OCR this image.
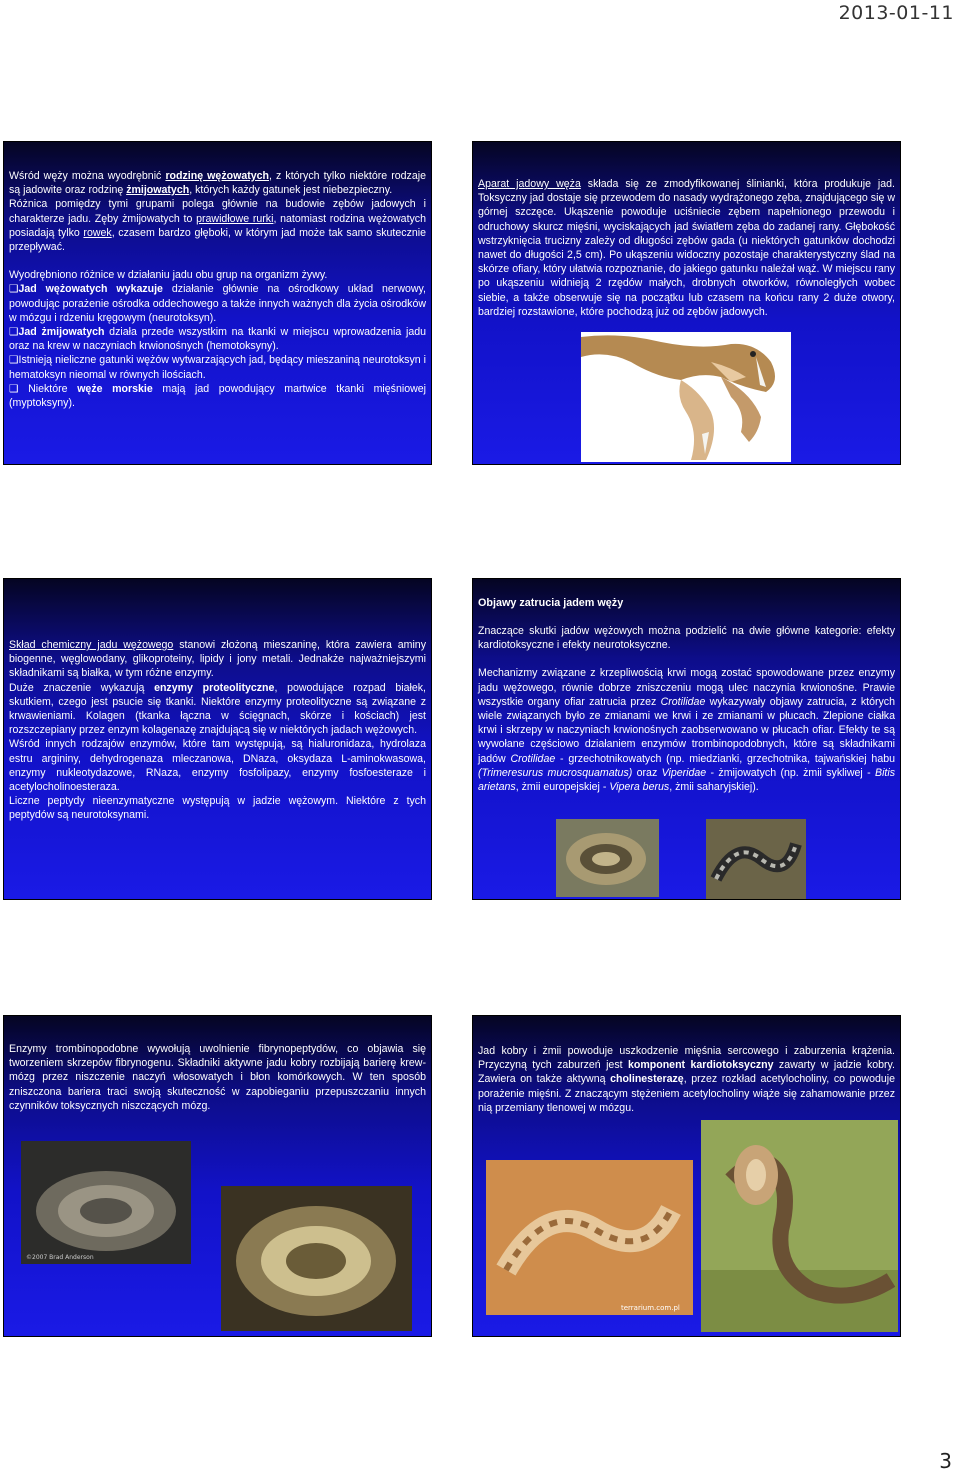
2013-01-11

Wśród węży można wyodrębnić rodzinę wężowatych, z których tylko niektóre rodzaje są jadowite oraz rodzinę żmijowatych, których każdy gatunek jest niebezpieczny.

Różnica pomiędzy tymi grupami polega głównie na budowie zębów jadowych i charakterze jadu. Zęby żmijowatych to prawidłowe rurki, natomiast rodzina wężowatych posiadają tylko rowek, czasem bardzo głęboki, w którym jad może tak samo skutecznie przepływać.

Wyodrębniono różnice w działaniu jadu obu grup na organizm żywy.

❑Jad wężowatych wykazuje działanie głównie na ośrodkowy układ nerwowy, powodując porażenie ośrodka oddechowego a także innych ważnych dla życia ośrodków w mózgu i rdzeniu kręgowym (neurotoksyn).

❑Jad żmijowatych działa przede wszystkim na tkanki w miejscu wprowadzenia jadu oraz na krew w naczyniach krwionośnych (hemotoksyny).

❑Istnieją nieliczne gatunki wężów wytwarzających jad, będący mieszaniną neurotoksyn i hematoksyn nieomal w równych ilościach.

❑ Niektóre węże morskie mają jad powodujący martwice tkanki mięśniowej (myptoksyny).

Aparat jadowy węża składa się ze zmodyfikowanej ślinianki, która produkuje jad. Toksyczny jad dostaje się przewodem do nasady wydrążonego zęba, znajdującego się w górnej szczęce. Ukąszenie powoduje uciśniecie zębem napełnionego przewodu i odruchowy skurcz mięśni, wyciskających jad światłem zęba do zadanej rany. Głębokość wstrzyknięcia trucizny zależy od długości zębów gada (u niektórych gatunków dochodzi nawet do długości 2,5 cm). Po ukąszeniu widoczny pozostaje charakterystyczny ślad na skórze ofiary, który ułatwia rozpoznanie, do jakiego gatunku należał wąż. W miejscu rany po ukąszeniu widnieją 2 rzędów małych, drobnych otworków, równoległych wobec siebie, a także obserwuje się na początku lub czasem na końcu rany 2 duże otwory, bardziej rozstawione, które pochodzą już od zębów jadowych.

Skład chemiczny jadu wężowego stanowi złożoną mieszaninę, która zawiera aminy biogenne, węglowodany, glikoproteiny, lipidy i jony metali. Jednakże najważniejszymi składnikami są białka, w tym różne enzymy.

Duże znaczenie wykazują enzymy proteolityczne, powodujące rozpad białek, skutkiem, czego jest psucie się tkanki. Niektóre enzymy proteolityczne są związane z krwawieniami. Kolagen (tkanka łączna w ścięgnach, skórze i kościach) jest rozszczepiany przez enzym kolagenazę znajdującą się w niektórych jadach wężowych.

Wśród innych rodzajów enzymów, które tam występują, są hialuronidaza, hydrolaza estru argininy, dehydrogenaza mleczanowa, DNaza, oksydaza L-aminokwasowa, enzymy nukleotydazowe, RNaza, enzymy fosfolipazy, enzymy fosfoesteraze i acetylocholinoesteraza.

Liczne peptydy nieenzymatyczne występują w jadzie wężowym. Niektóre z tych peptydów są neurotoksynami.

Objawy zatrucia jadem węży

Znaczące skutki jadów wężowych można podzielić na dwie główne kategorie: efekty kardiotoksyczne i efekty neurotoksyczne.

Mechanizmy związane z krzepliwością krwi mogą zostać spowodowane przez enzymy jadu wężowego, równie dobrze zniszczeniu mogą ulec naczynia krwionośne. Prawie wszystkie organy ofiar zatrucia przez Crotilidae wykazywały objawy zatrucia, z których wiele związanych było ze zmianami we krwi i ze zmianami w płucach. Zlepione ciałka krwi i skrzepy w naczyniach krwionośnych zaobserwowano w płucach ofiar. Efekty te są wywołane częściowo działaniem enzymów trombinopodobnych, które są składnikami jadów Crotilidae - grzechotnikowatych (np. miedzianki, grzechotnika, tajwańskiej habu (Trimeresurus mucrosquamatus) oraz Viperidae - żmijowatych (np. żmii sykliwej - Bitis arietans, żmii europejskiej - Vipera berus, żmii saharyjskiej).

Enzymy trombinopodobne wywołują uwolnienie fibrynopeptydów, co objawia się tworzeniem skrzepów fibrynogenu. Składniki aktywne jadu kobry rozbijają barierę krew-mózg przez niszczenie naczyń włosowatych i błon komórkowych. W ten sposób zniszczona bariera traci swoją skuteczność w zapobieganiu przepuszczaniu innych czynników toksycznych niszczących mózg.

©2007 Brad Anderson

Jad kobry i żmii powoduje uszkodzenie mięśnia sercowego i zaburzenia krążenia. Przyczyną tych zaburzeń jest komponent kardiotoksyczny zawarty w jadzie kobry. Zawiera on także aktywną cholinesterazę, przez rozkład acetylocholiny, co powoduje porażenie mięśni. Z znaczącym stężeniem acetylocholiny wiąże się zahamowanie przez nią przemiany tlenowej w mózgu.

terrarium.com.pl
3
